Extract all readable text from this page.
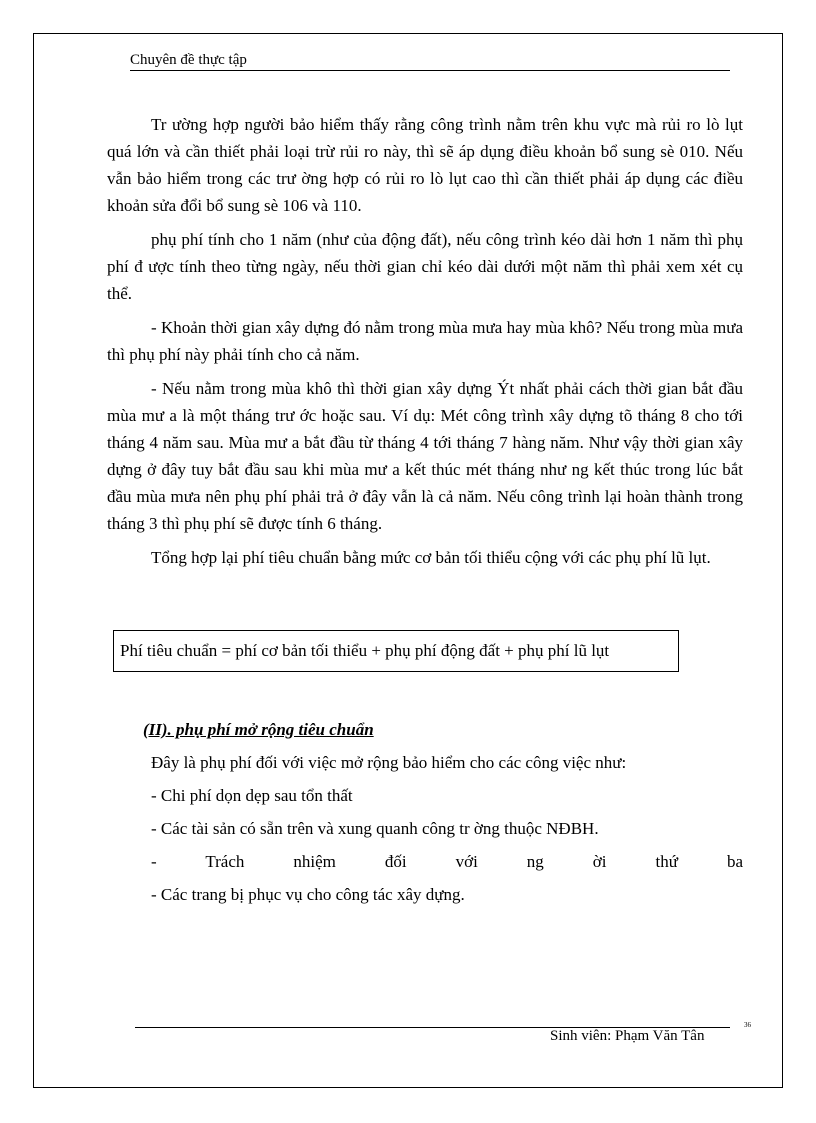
Chuyên đề thực tập

Tr ường hợp người bảo hiểm thấy rằng công trình nằm trên khu vực mà rủi ro lò lụt quá lớn và cần thiết phải loại trừ rủi ro này, thì sẽ áp dụng điều khoản bổ sung sè 010. Nếu vẫn bảo hiểm trong các trư ờng hợp có rủi ro lò lụt cao thì cần thiết phải áp dụng các điều khoản sửa đổi bổ sung sè 106 và 110.

phụ phí tính cho 1 năm (như của động đất), nếu công trình kéo dài hơn 1 năm thì phụ phí đ ược tính theo từng ngày, nếu thời gian chỉ kéo dài dưới một năm thì phải xem xét cụ thể.

- Khoản thời gian xây dựng đó nằm trong mùa mưa hay mùa khô? Nếu trong mùa mưa thì phụ phí này phải tính cho cả năm.

- Nếu nằm trong mùa khô thì thời gian xây dựng Ýt nhất phải cách thời gian bắt đầu mùa mư a là một tháng trư ớc hoặc sau. Ví dụ: Mét công trình xây dựng tõ tháng 8 cho tới tháng 4 năm sau. Mùa mư a bắt đầu từ tháng 4 tới tháng 7 hàng năm. Như vậy thời gian xây dựng ở đây tuy bắt đầu sau khi mùa mư a kết thúc mét tháng như ng kết thúc trong lúc bắt đầu mùa mưa nên phụ phí phải trả ở đây vẫn là cả năm. Nếu công trình lại hoàn thành trong tháng 3 thì phụ phí sẽ được tính 6 tháng.

Tổng hợp lại phí tiêu chuẩn bằng mức cơ bản tối thiểu cộng với các phụ phí lũ lụt.

Phí tiêu chuẩn = phí cơ bản tối thiểu + phụ phí động đất + phụ phí lũ lụt
(II). phụ phí mở rộng tiêu chuẩn
Đây là phụ phí đối với việc mở rộng bảo hiểm cho các công việc như:
- Chi phí dọn dẹp sau tổn thất
- Các tài sản có sẵn trên và xung quanh công tr ờng thuộc NĐBH.
- Trách nhiệm đối với ng ời thứ ba
- Các trang bị phục vụ cho công tác xây dựng.
Sinh viên: Phạm Văn Tân
36
